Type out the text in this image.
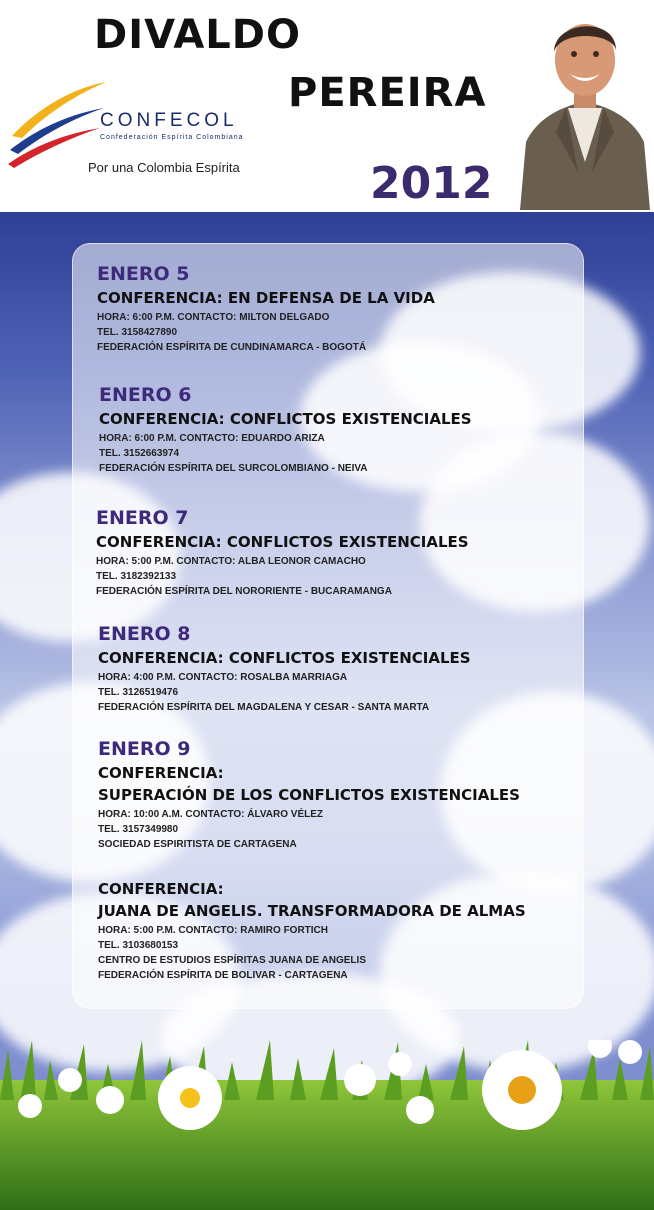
DIVALDO
PEREIRA
2012
CONFECOL
Confederación Espírita Colombiana
Por una Colombia Espírita

ENERO 5

CONFERENCIA: EN DEFENSA DE LA VIDA

HORA: 6:00 P.M. CONTACTO: MILTON DELGADO

TEL. 3158427890

FEDERACIÓN ESPÍRITA DE CUNDINAMARCA - BOGOTÁ

ENERO 6

CONFERENCIA: CONFLICTOS EXISTENCIALES

HORA: 6:00 P.M. CONTACTO: EDUARDO ARIZA

TEL. 3152663974

FEDERACIÓN ESPÍRITA DEL SURCOLOMBIANO - NEIVA

ENERO 7

CONFERENCIA: CONFLICTOS EXISTENCIALES

HORA: 5:00 P.M. CONTACTO: ALBA LEONOR CAMACHO

TEL. 3182392133

FEDERACIÓN ESPÍRITA DEL NORORIENTE - BUCARAMANGA

ENERO 8

CONFERENCIA: CONFLICTOS EXISTENCIALES

HORA: 4:00 P.M. CONTACTO: ROSALBA MARRIAGA

TEL. 3126519476

FEDERACIÓN ESPÍRITA DEL MAGDALENA Y CESAR - SANTA MARTA

ENERO 9

CONFERENCIA:

SUPERACIÓN DE LOS CONFLICTOS EXISTENCIALES

HORA: 10:00 A.M. CONTACTO: ÁLVARO VÉLEZ

TEL. 3157349980

SOCIEDAD ESPIRITISTA DE CARTAGENA

CONFERENCIA:

JUANA DE ANGELIS. TRANSFORMADORA DE ALMAS

HORA: 5:00 P.M. CONTACTO: RAMIRO FORTICH

TEL. 3103680153

CENTRO DE ESTUDIOS ESPÍRITAS JUANA DE ANGELIS

FEDERACIÓN ESPÍRITA DE BOLIVAR - CARTAGENA
